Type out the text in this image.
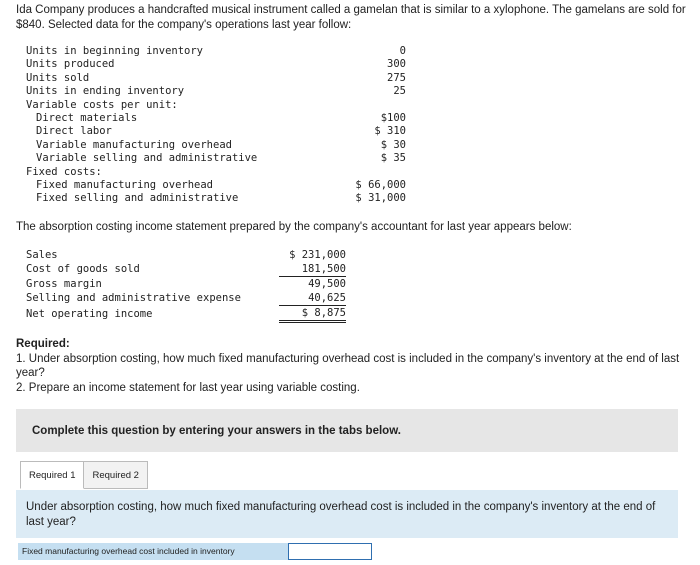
Ida Company produces a handcrafted musical instrument called a gamelan that is similar to a xylophone. The gamelans are sold for $840. Selected data for the company's operations last year follow:

Units in beginning inventory	0
Units produced	300
Units sold	275
Units in ending inventory	25
Variable costs per unit:	
Direct materials	$100
Direct labor	$ 310
Variable manufacturing overhead	$ 30
Variable selling and administrative	$ 35
Fixed costs:	
Fixed manufacturing overhead	$ 66,000
Fixed selling and administrative	$ 31,000

The absorption costing income statement prepared by the company's accountant for last year appears below:

Sales	$ 231,000
Cost of goods sold	181,500
Gross margin	49,500
Selling and administrative expense	40,625
Net operating income	$ 8,875
Required:
1. Under absorption costing, how much fixed manufacturing overhead cost is included in the company's inventory at the end of last year?
2. Prepare an income statement for last year using variable costing.
Complete this question by entering your answers in the tabs below.
Required 1	Required 2
Under absorption costing, how much fixed manufacturing overhead cost is included in the company's inventory at the end of last year?
Fixed manufacturing overhead cost included in inventory
